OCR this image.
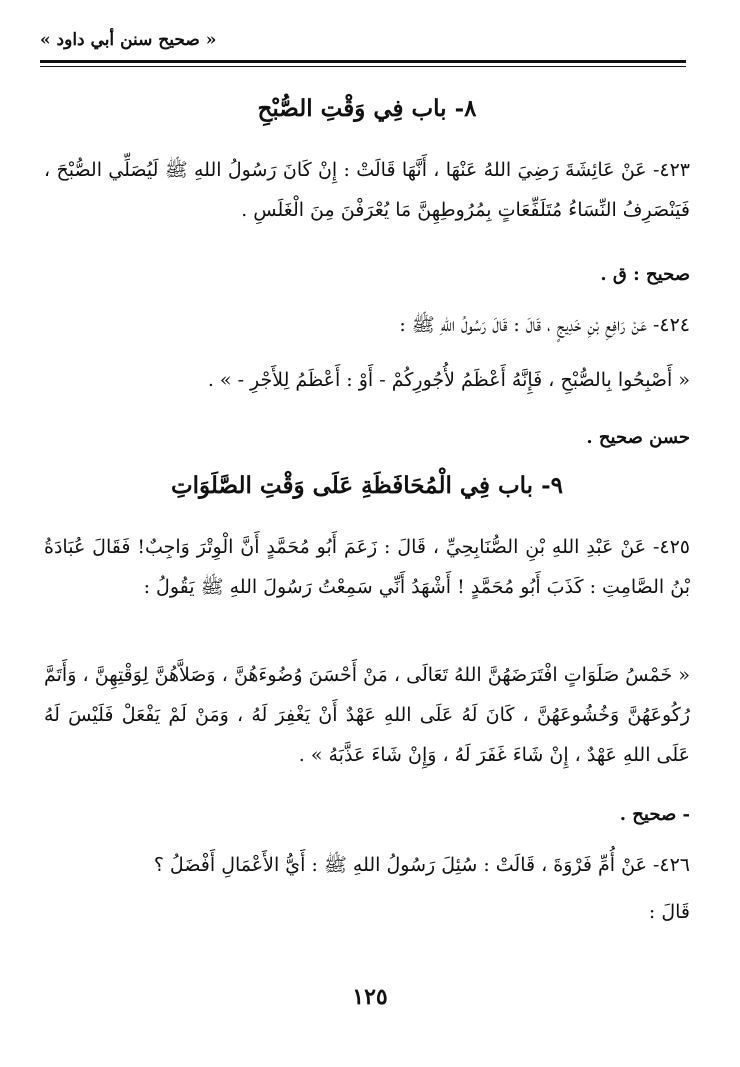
« صحيح سنن أبي داود »
٨- باب فِي وَقْتِ الصُّبْحِ
٤٢٣- عَنْ عَائِشَةَ رَضِيَ اللهُ عَنْهَا ، أَنَّهَا قَالَتْ : إِنْ كَانَ رَسُولُ اللهِ ﷺ لَيُصَلِّي الصُّبْحَ ، فَيَنْصَرِفُ النِّسَاءُ مُتَلَفِّعَاتٍ بِمُرُوطِهِنَّ مَا يُعْرَفْنَ مِنَ الْغَلَسِ .
صحيح : ق .
٤٢٤- عَنْ رَافِعِ بْنِ خَدِيجٍ ، قَالَ : قَالَ رَسُولُ اللهِ ﷺ :
« أَصْبِحُوا بِالصُّبْحِ ، فَإِنَّهُ أَعْظَمُ لأُجُورِكُمْ - أَوْ : أَعْظَمُ لِلأَجْرِ - » .
حسن صحيح .
٩- باب فِي الْمُحَافَظَةِ عَلَى وَقْتِ الصَّلَوَاتِ
٤٢٥- عَنْ عَبْدِ اللهِ بْنِ الصُّنَابِحِيِّ ، قَالَ : زَعَمَ أَبُو مُحَمَّدٍ أَنَّ الْوِتْرَ وَاجِبٌ! فَقَالَ عُبَادَةُ بْنُ الصَّامِتِ : كَذَبَ أَبُو مُحَمَّدٍ ! أَشْهَدُ أَنِّي سَمِعْتُ رَسُولَ اللهِ ﷺ يَقُولُ :
« خَمْسُ صَلَوَاتٍ افْتَرَضَهُنَّ اللهُ تَعَالَى ، مَنْ أَحْسَنَ وُضُوءَهُنَّ ، وَصَلاَّهُنَّ لِوَقْتِهِنَّ ، وَأَتَمَّ رُكُوعَهُنَّ وَخُشُوعَهُنَّ ، كَانَ لَهُ عَلَى اللهِ عَهْدٌ أَنْ يَغْفِرَ لَهُ ، وَمَنْ لَمْ يَفْعَلْ فَلَيْسَ لَهُ عَلَى اللهِ عَهْدٌ ، إِنْ شَاءَ غَفَرَ لَهُ ، وَإِنْ شَاءَ عَذَّبَهُ » .
- صحيح .
٤٢٦- عَنْ أُمِّ فَرْوَةَ ، قَالَتْ : سُئِلَ رَسُولُ اللهِ ﷺ : أَيُّ الأَعْمَالِ أَفْضَلُ ؟
قَالَ :
١٢٥
